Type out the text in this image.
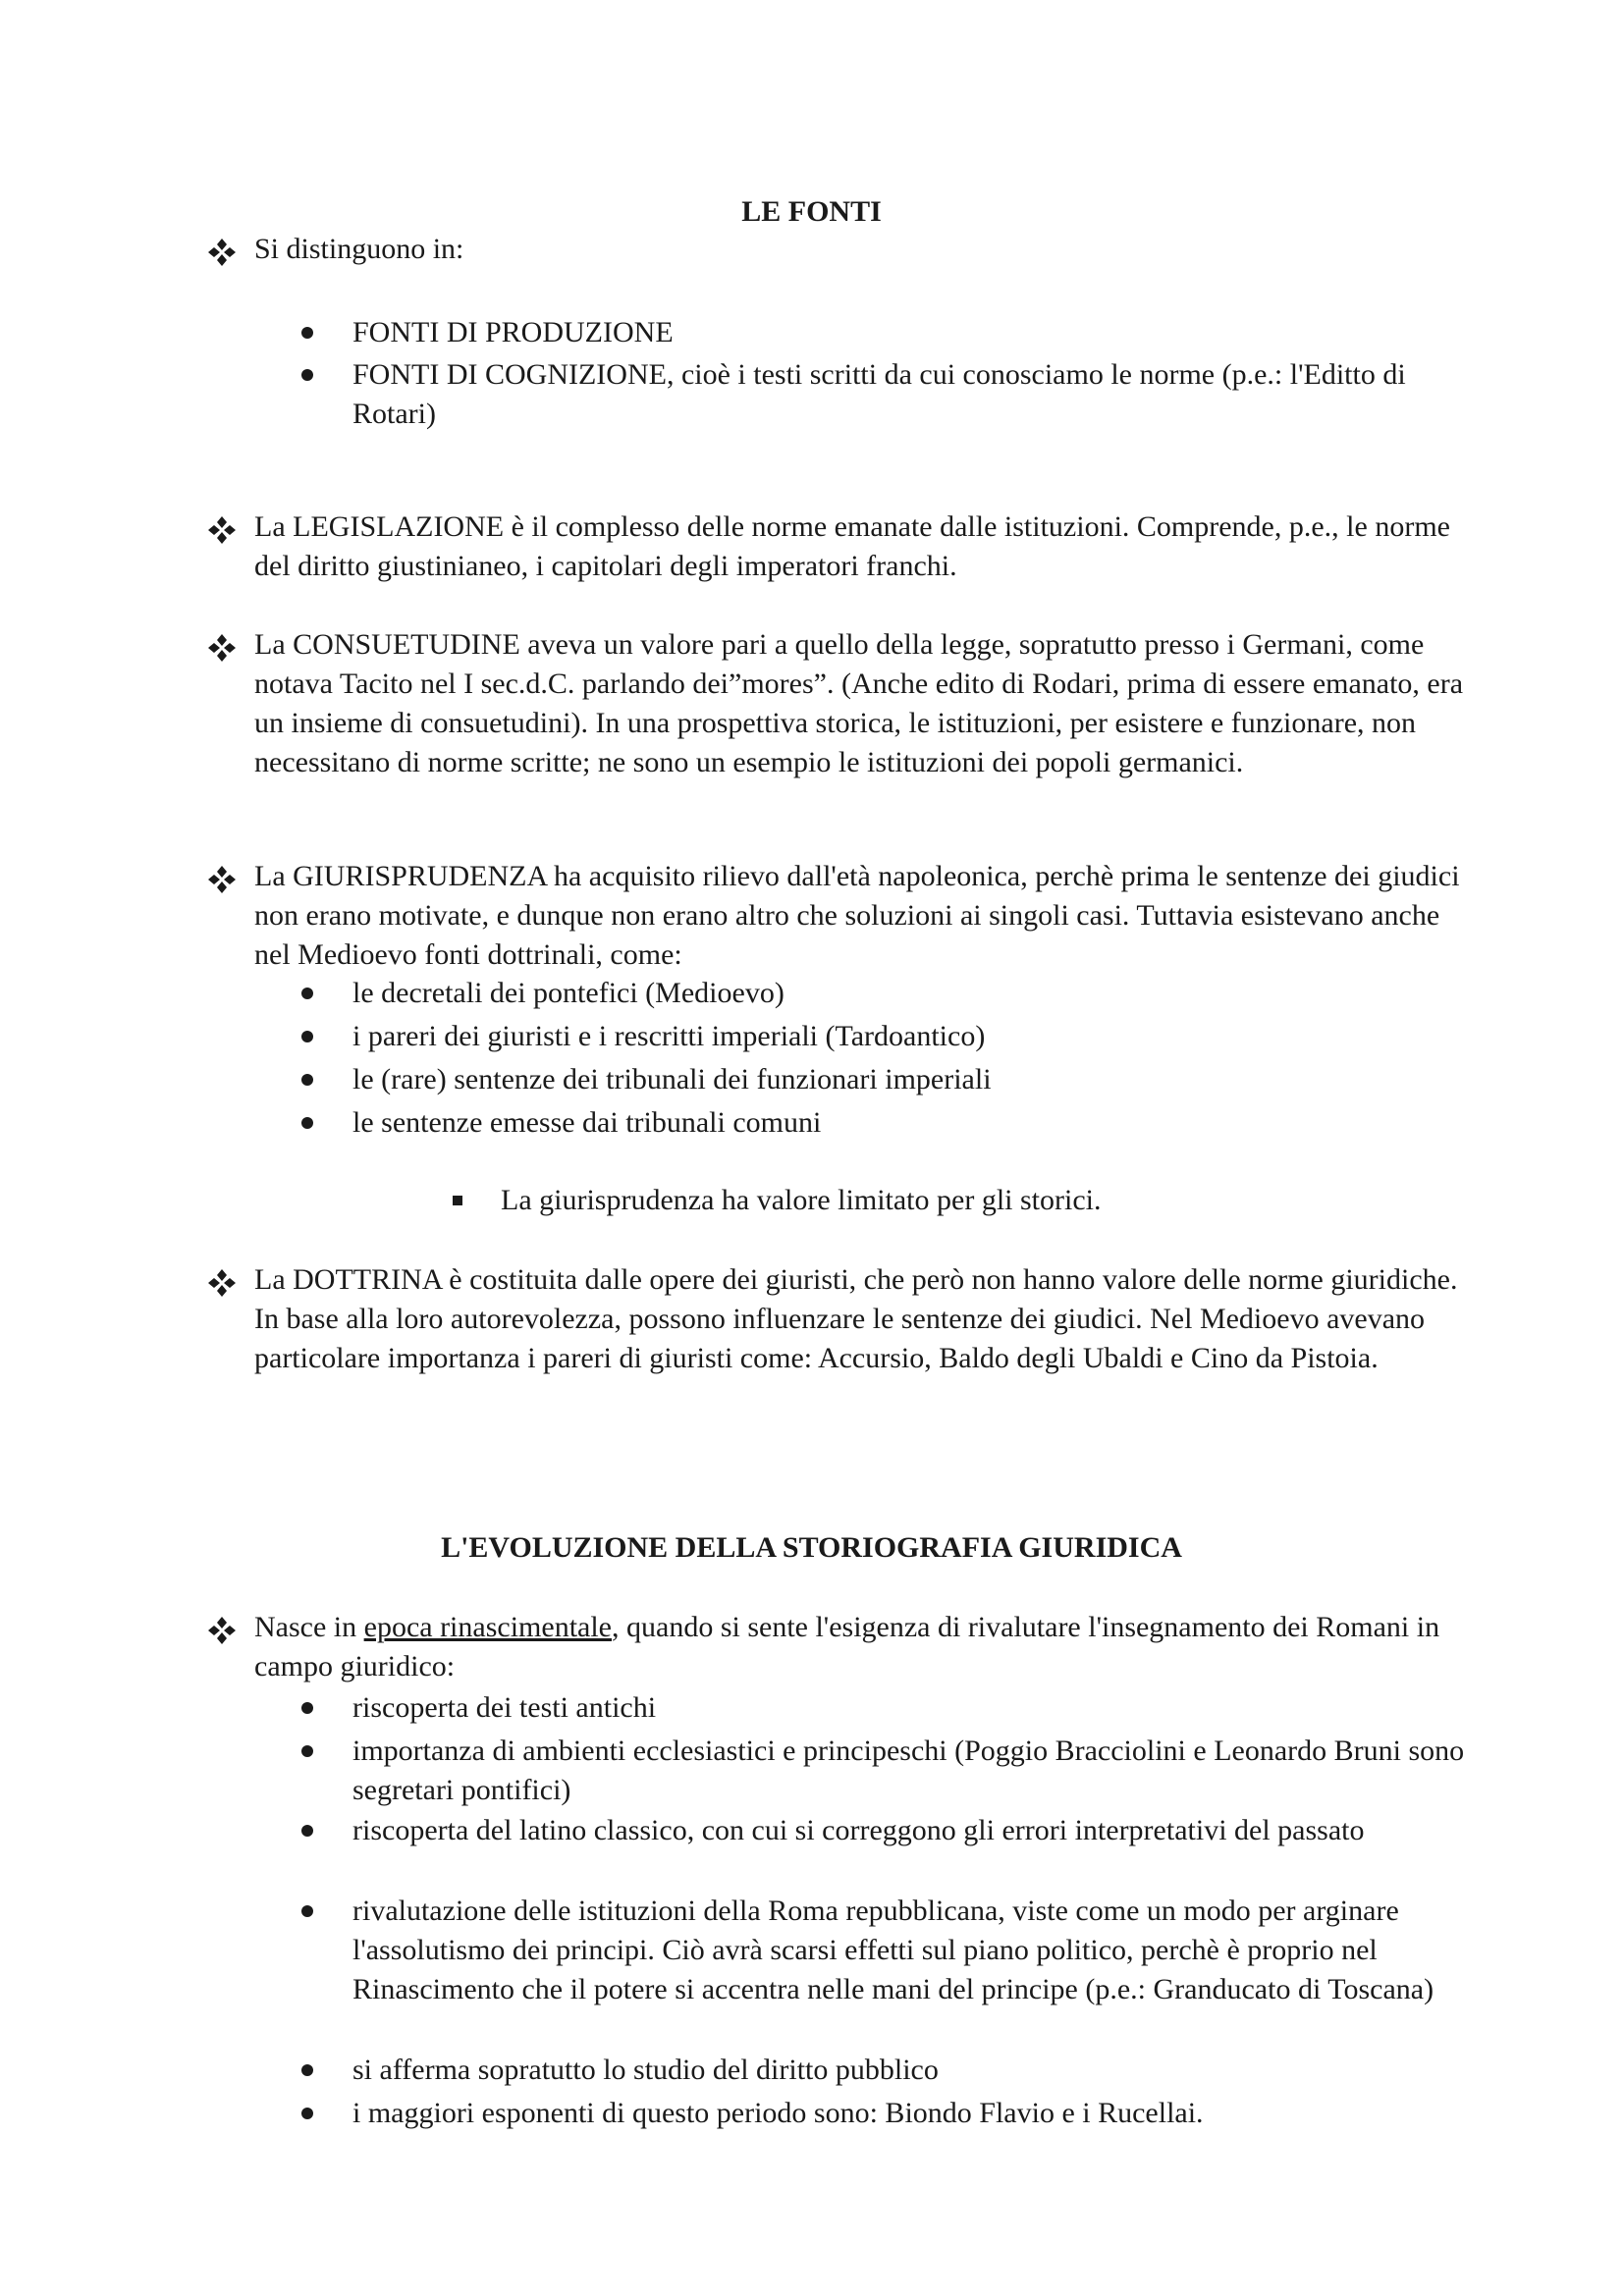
LE FONTI
Si distinguono in:
FONTI DI PRODUZIONE
FONTI DI COGNIZIONE, cioè i testi scritti da cui conosciamo le norme (p.e.: l'Editto di Rotari)
La LEGISLAZIONE è il complesso delle norme emanate dalle istituzioni. Comprende, p.e., le norme del diritto giustinianeo, i capitolari degli imperatori franchi.
La CONSUETUDINE aveva un valore pari a quello della legge, sopratutto presso i Germani, come notava Tacito nel I sec.d.C. parlando dei”mores”. (Anche edito di Rodari, prima di essere emanato, era un insieme di consuetudini). In una prospettiva storica, le istituzioni, per esistere e funzionare, non necessitano di norme scritte; ne sono un esempio le istituzioni dei popoli germanici.
La GIURISPRUDENZA ha acquisito rilievo dall'età napoleonica, perchè prima le sentenze dei giudici non erano motivate, e dunque non erano altro che soluzioni ai singoli casi. Tuttavia esistevano anche nel Medioevo fonti dottrinali, come:
le decretali dei pontefici (Medioevo)
i pareri dei giuristi e i rescritti imperiali (Tardoantico)
le (rare) sentenze dei tribunali dei funzionari imperiali
le sentenze emesse dai tribunali comuni
La giurisprudenza ha valore limitato per gli storici.
La DOTTRINA è costituita dalle opere dei giuristi, che però non hanno valore delle norme giuridiche. In base alla loro autorevolezza, possono influenzare le sentenze dei giudici. Nel Medioevo avevano particolare importanza i pareri di giuristi come: Accursio, Baldo degli Ubaldi e Cino da Pistoia.
L'EVOLUZIONE DELLA STORIOGRAFIA GIURIDICA
Nasce in epoca rinascimentale, quando si sente l'esigenza di rivalutare l'insegnamento dei Romani in campo giuridico:
riscoperta dei testi antichi
importanza di ambienti ecclesiastici e principeschi (Poggio Bracciolini e Leonardo Bruni sono segretari pontifici)
riscoperta del latino classico, con cui si correggono gli errori interpretativi del passato
rivalutazione delle istituzioni della Roma repubblicana, viste come un modo per arginare l'assolutismo dei principi. Ciò avrà scarsi effetti sul piano politico, perchè è proprio nel Rinascimento che il potere si accentra nelle mani del principe (p.e.: Granducato di Toscana)
si afferma sopratutto lo studio del diritto pubblico
i maggiori esponenti di questo periodo sono: Biondo Flavio e i Rucellai.
